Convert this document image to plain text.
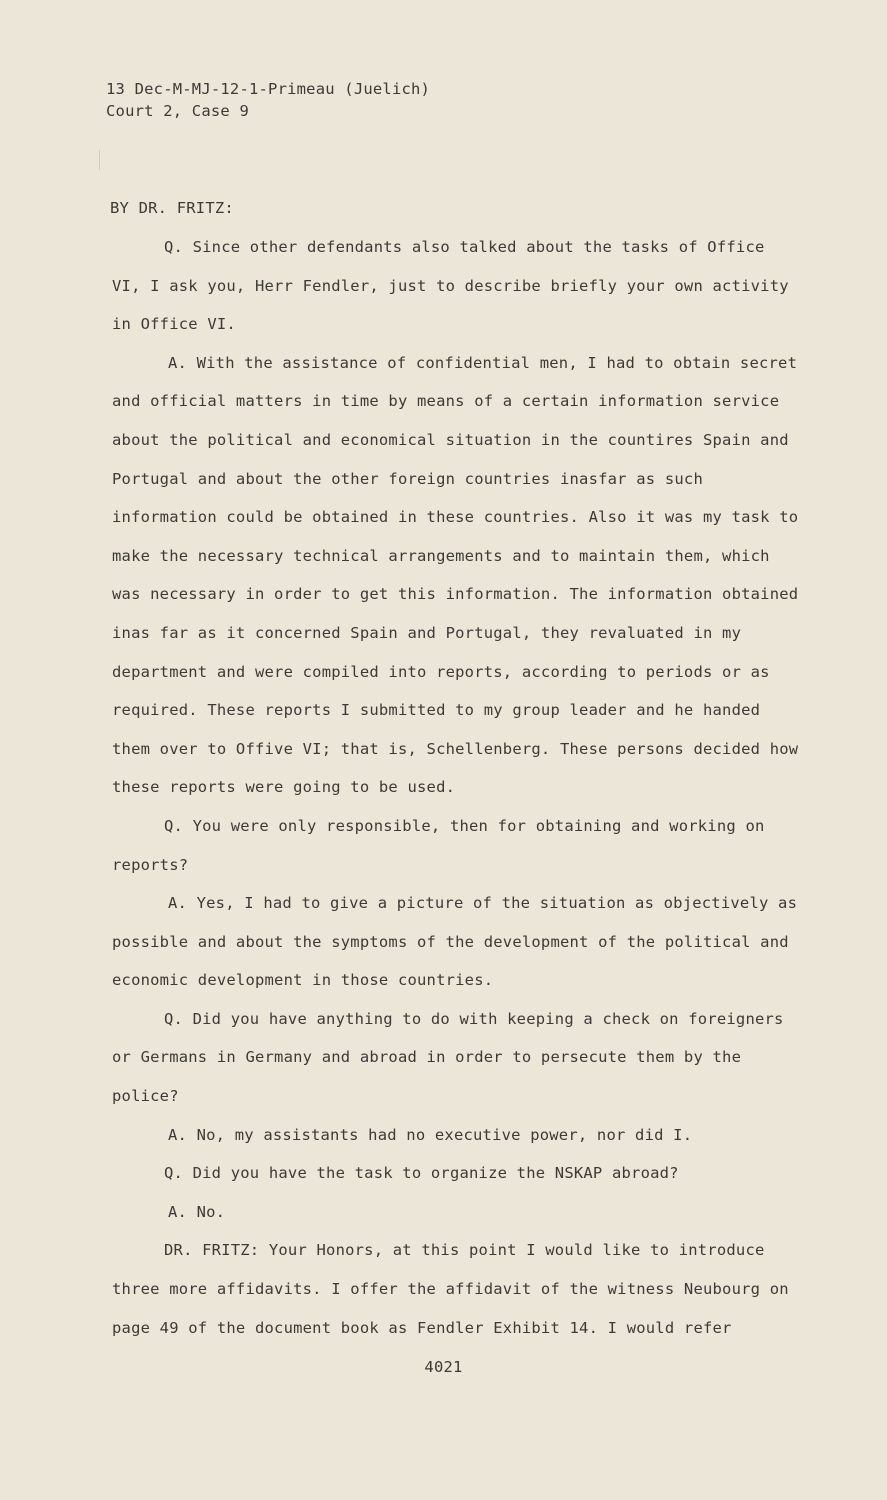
13 Dec-M-MJ-12-1-Primeau (Juelich)
Court 2, Case 9
BY DR. FRITZ:

Q. Since other defendants also talked about the tasks of Office VI, I ask you, Herr Fendler, just to describe briefly your own activity in Office VI.

A. With the assistance of confidential men, I had to obtain secret and official matters in time by means of a certain information service about the political and economical situation in the countires Spain and Portugal and about the other foreign countries inasfar as such information could be obtained in these countries. Also it was my task to make the necessary technical arrangements and to maintain them, which was necessary in order to get this information. The information obtained inas far as it concerned Spain and Portugal, they revaluated in my department and were compiled into reports, according to periods or as required. These reports I submitted to my group leader and he handed them over to Offive VI; that is, Schellenberg. These persons decided how these reports were going to be used.

Q. You were only responsible, then for obtaining and working on reports?

A. Yes, I had to give a picture of the situation as objectively as possible and about the symptoms of the development of the political and economic development in those countries.

Q. Did you have anything to do with keeping a check on foreigners or Germans in Germany and abroad in order to persecute them by the police?

A. No, my assistants had no executive power, nor did I.

Q. Did you have the task to organize the NSKAP abroad?

A. No.

DR. FRITZ: Your Honors, at this point I would like to introduce three more affidavits. I offer the affidavit of the witness Neubourg on page 49 of the document book as Fendler Exhibit 14. I would refer

4021
